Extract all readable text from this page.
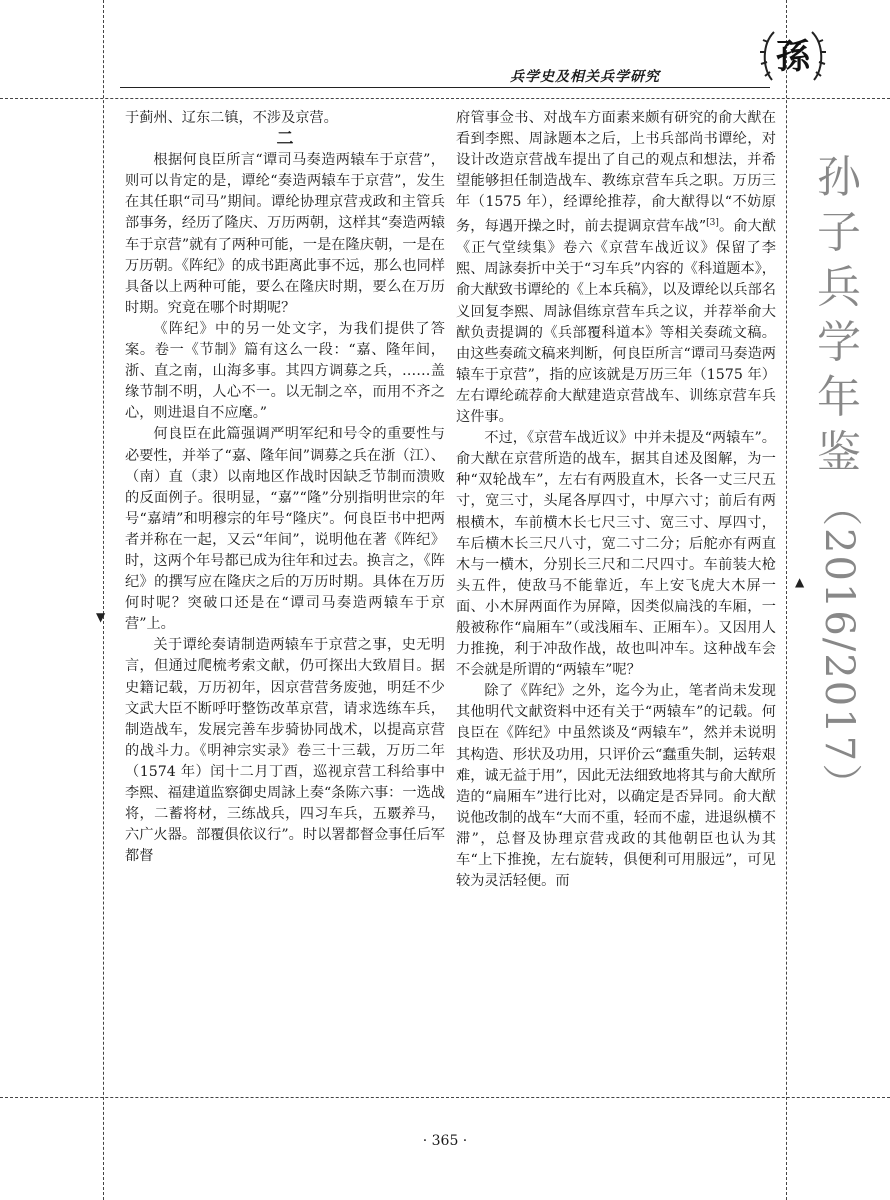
兵学史及相关兵学研究	孫
孙
子
兵
学
年
鉴
（2016/2017）
▼
▲

于蓟州、辽东二镇，不涉及京营。

二

根据何良臣所言“谭司马奏造两辕车于京营”，则可以肯定的是，谭纶“奏造两辕车于京营”，发生在其任职“司马”期间。谭纶协理京营戎政和主管兵部事务，经历了隆庆、万历两朝，这样其“奏造两辕车于京营”就有了两种可能，一是在隆庆朝，一是在万历朝。《阵纪》的成书距离此事不远，那么也同样具备以上两种可能，要么在隆庆时期，要么在万历时期。究竟在哪个时期呢？

《阵纪》中的另一处文字，为我们提供了答案。卷一《节制》篇有这么一段：“嘉、隆年间，浙、直之南，山海多事。其四方调募之兵，……盖缘节制不明，人心不一。以无制之卒，而用不齐之心，则进退自不应麾。”

何良臣在此篇强调严明军纪和号令的重要性与必要性，并举了“嘉、隆年间”调募之兵在浙（江）、（南）直（隶）以南地区作战时因缺乏节制而溃败的反面例子。很明显，“嘉”“隆”分别指明世宗的年号“嘉靖”和明穆宗的年号“隆庆”。何良臣书中把两者并称在一起，又云“年间”，说明他在著《阵纪》时，这两个年号都已成为往年和过去。换言之，《阵纪》的撰写应在隆庆之后的万历时期。具体在万历何时呢？突破口还是在“谭司马奏造两辕车于京营”上。

关于谭纶奏请制造两辕车于京营之事，史无明言，但通过爬梳考索文献，仍可探出大致眉目。据史籍记载，万历初年，因京营营务废弛，明廷不少文武大臣不断呼吁整饬改革京营，请求选练车兵，制造战车，发展完善车步骑协同战术，以提高京营的战斗力。《明神宗实录》卷三十三载，万历二年（1574 年）闰十二月丁酉，巡视京营工科给事中李熙、福建道监察御史周詠上奏“条陈六事：一选战将，二蓄将材，三练战兵，四习车兵，五覈养马，六广火器。部覆俱依议行”。时以署都督佥事任后军都督

府管事佥书、对战车方面素来颇有研究的俞大猷在看到李熙、周詠题本之后，上书兵部尚书谭纶，对设计改造京营战车提出了自己的观点和想法，并希望能够担任制造战车、教练京营车兵之职。万历三年（1575 年），经谭纶推荐，俞大猷得以“不妨原务，每遇开操之时，前去提调京营车战”[3]。俞大猷《正气堂续集》卷六《京营车战近议》保留了李熙、周詠奏折中关于“习车兵”内容的《科道题本》，俞大猷致书谭纶的《上本兵稿》，以及谭纶以兵部名义回复李熙、周詠倡练京营车兵之议，并荐举俞大猷负责提调的《兵部覆科道本》等相关奏疏文稿。由这些奏疏文稿来判断，何良臣所言“谭司马奏造两辕车于京营”，指的应该就是万历三年（1575 年）左右谭纶疏荐俞大猷建造京营战车、训练京营车兵这件事。

不过，《京营车战近议》中并未提及“两辕车”。俞大猷在京营所造的战车，据其自述及图解，为一种“双轮战车”，左右有两股直木，长各一丈三尺五寸，宽三寸，头尾各厚四寸，中厚六寸；前后有两根横木，车前横木长七尺三寸、宽三寸、厚四寸，车后横木长三尺八寸，宽二寸二分；后舵亦有两直木与一横木，分别长三尺和二尺四寸。车前装大枪头五件，使敌马不能靠近，车上安飞虎大木屏一面、小木屏两面作为屏障，因类似扁浅的车厢，一般被称作“扁厢车”（或浅厢车、正厢车）。又因用人力推挽，利于冲敌作战，故也叫冲车。这种战车会不会就是所谓的“两辕车”呢？

除了《阵纪》之外，迄今为止，笔者尚未发现其他明代文献资料中还有关于“两辕车”的记载。何良臣在《阵纪》中虽然谈及“两辕车”，然并未说明其构造、形状及功用，只评价云“蠢重失制，运转艰难，诚无益于用”，因此无法细致地将其与俞大猷所造的“扁厢车”进行比对，以确定是否异同。俞大猷说他改制的战车“大而不重，轻而不虚，进退纵横不滞”，总督及协理京营戎政的其他朝臣也认为其车“上下推挽，左右旋转，俱便利可用服远”，可见较为灵活轻便。而

· 365 ·
